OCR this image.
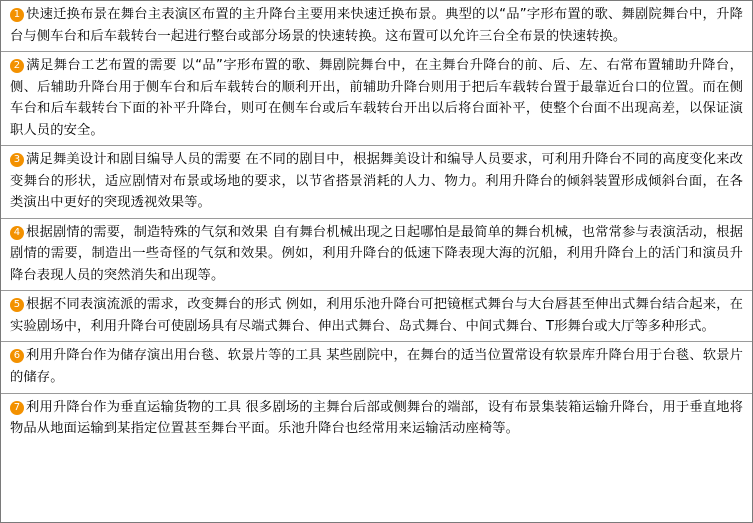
1 快速迁换布景在舞台主表演区布置的主升降台主要用来快速迁换布景。典型的以“品”字形布置的歌、舞剧院舞台中，升降台与侧车台和后车载转台一起进行整台或部分场景的快速转换。这布置可以允许三台全布景的快速转换。
2 满足舞台工艺布置的需要 以“品”字形布置的歌、舞剧院舞台中，在主舞台升降台的前、后、左、右常布置辅助升降台，侧、后辅助升降台用于侧车台和后车载转台的顺利开出，前辅助升降台则用于把后车载转台置于最靠近台口的位置。而在侧车台和后车载转台下面的补平升降台，则可在侧车台或后车载转台开出以后将台面补平，使整个台面不出现高差，以保证演职人员的安全。
3 满足舞美设计和剧目编导人员的需要 在不同的剧目中，根据舞美设计和编导人员要求，可利用升降台不同的高度变化来改变舞台的形状，适应剧情对布景或场地的要求，以节省搭景消耗的人力、物力。利用升降台的倾斜装置形成倾斜台面，在各类演出中更好的突现透视效果等。
4 根据剧情的需要，制造特殊的气氛和效果 自有舞台机械出现之日起哪怕是最简单的舞台机械，也常常参与表演活动，根据剧情的需要，制造出一些奇怪的气氛和效果。例如，利用升降台的低速下降表现大海的沉船，利用升降台上的活门和演员升降台表现人员的突然消失和出现等。
5 根据不同表演流派的需求，改变舞台的形式 例如，利用乐池升降台可把镜框式舞台与大台唇甚至伸出式舞台结合起来，在实验剧场中，利用升降台可使剧场具有尽端式舞台、伸出式舞台、岛式舞台、中间式舞台、T形舞台或大厅等多种形式。
6 利用升降台作为储存演出用台毯、软景片等的工具 某些剧院中，在舞台的适当位置常设有软景库升降台用于台毯、软景片的储存。
7 利用升降台作为垂直运输货物的工具 很多剧场的主舞台后部或侧舞台的端部，设有布景集装箱运输升降台，用于垂直地将物品从地面运输到某指定位置甚至舞台平面。乐池升降台也经常用来运输活动座椅等。
